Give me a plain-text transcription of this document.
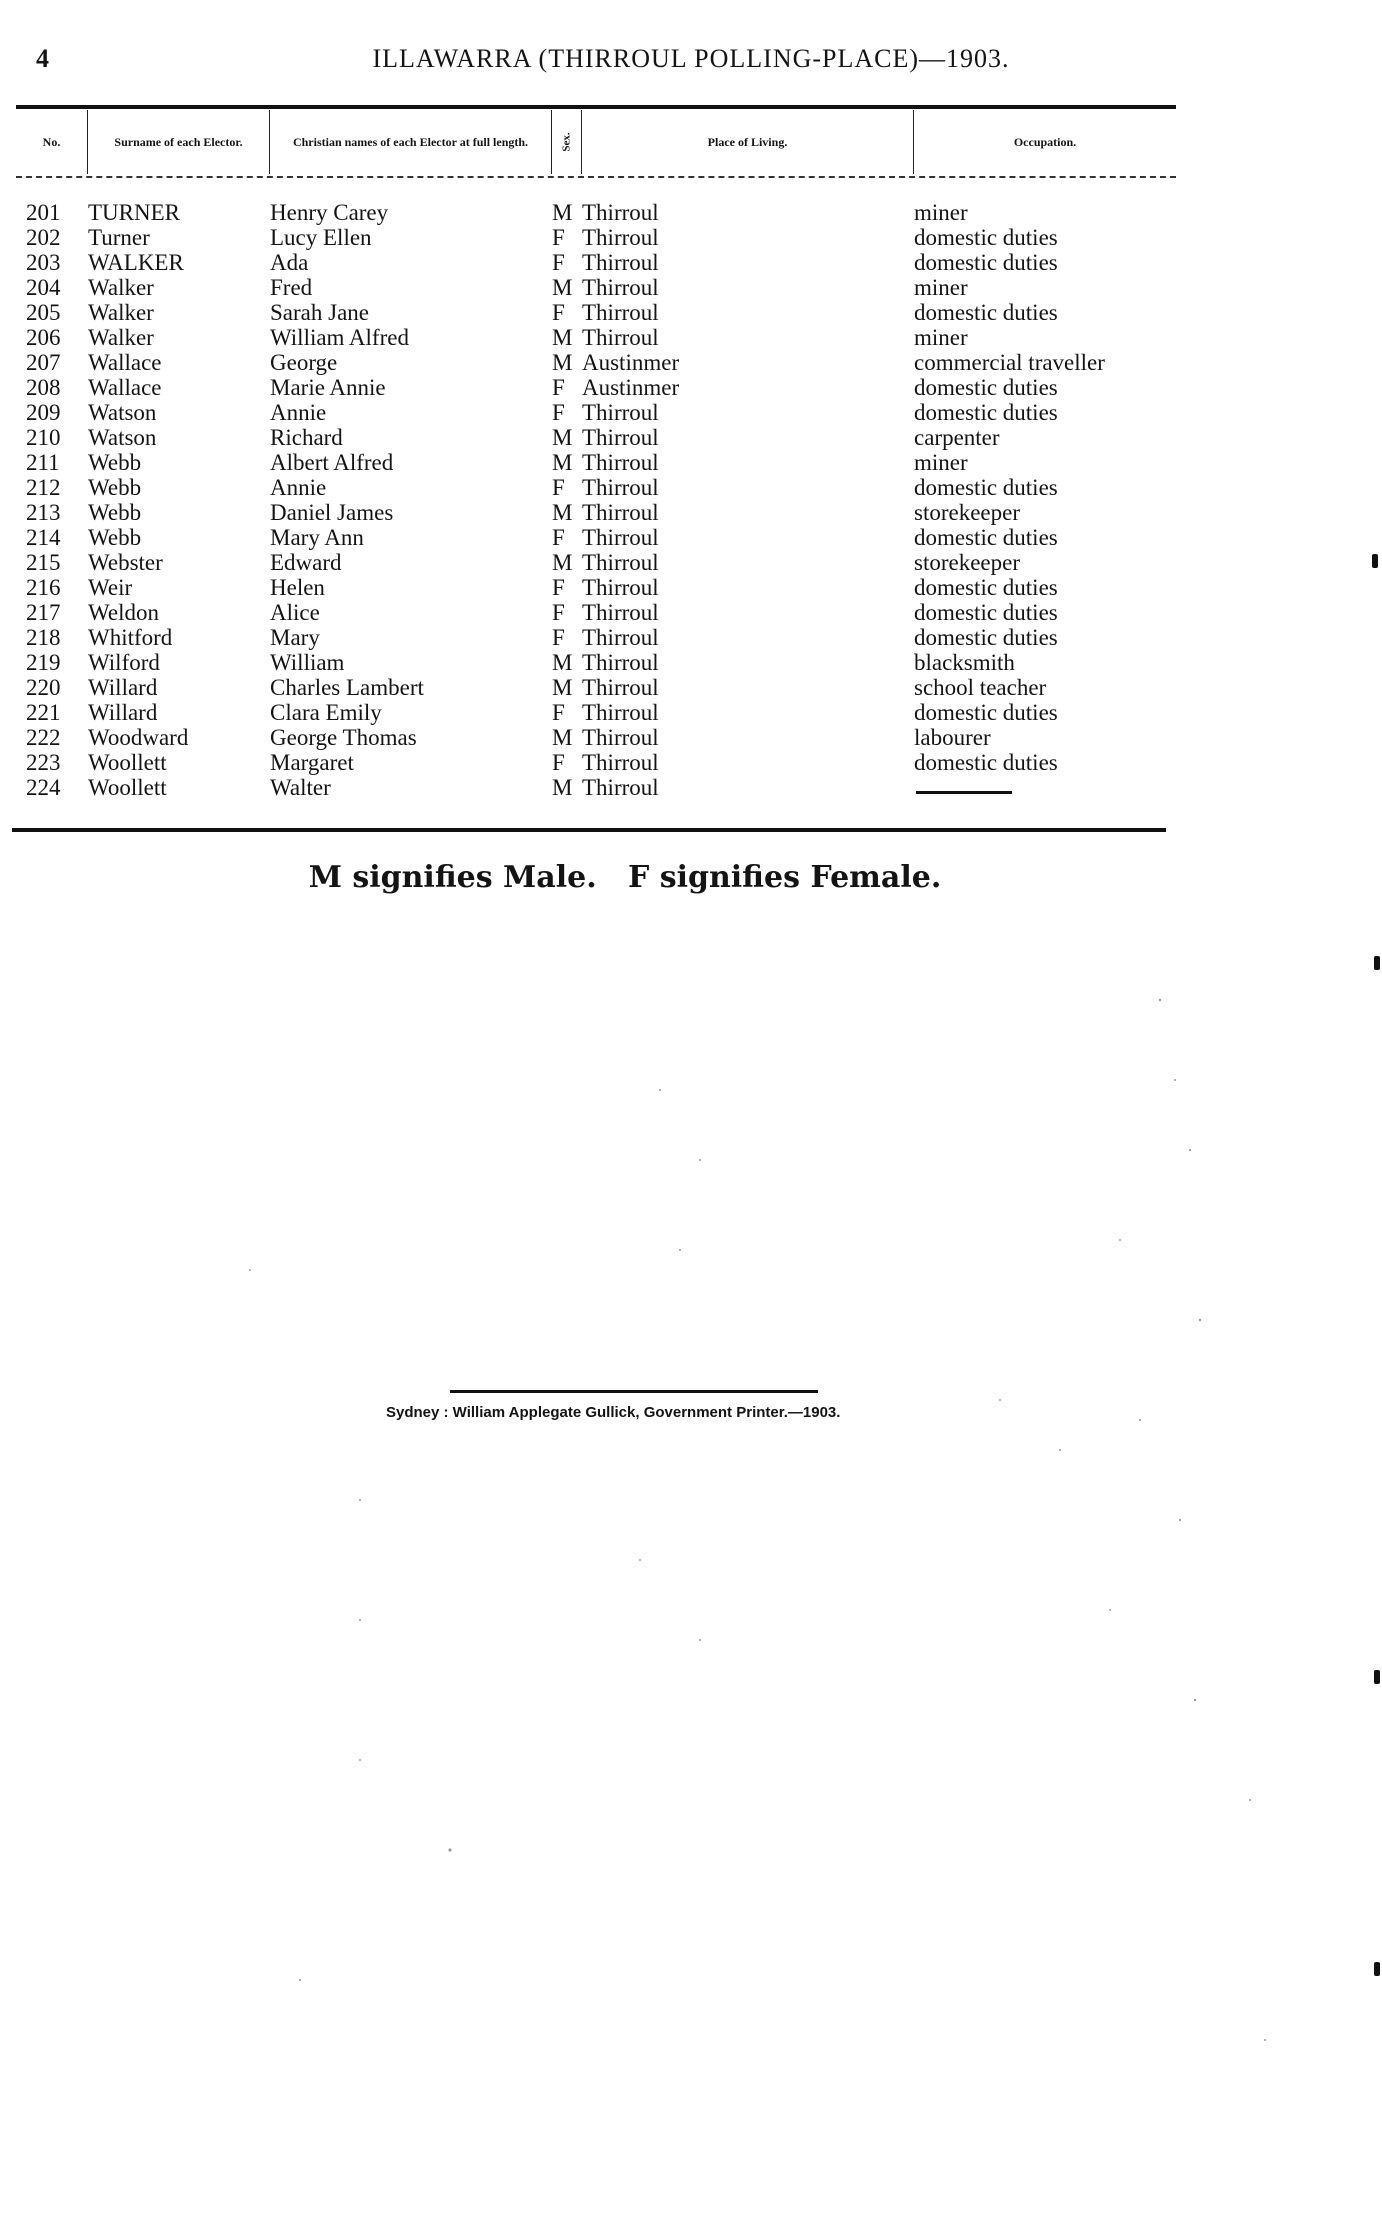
4	ILLAWARRA (THIRROUL POLLING-PLACE)—1903.
No.	Surname of each Elector.	Christian names of each Elector at full length.	Sex.	Place of Living.	Occupation.
201 TURNER	Henry Carey	M Thirroul	miner
202 Turner	Lucy Ellen	F Thirroul	domestic duties
203 WALKER	Ada	F Thirroul	domestic duties
204 Walker	Fred	M Thirroul	miner
205 Walker	Sarah Jane	F Thirroul	domestic duties
206 Walker	William Alfred	M Thirroul	miner
207 Wallace	George	M Austinmer	commercial traveller
208 Wallace	Marie Annie	F Austinmer	domestic duties
209 Watson	Annie	F Thirroul	domestic duties
210 Watson	Richard	M Thirroul	carpenter
211 Webb	Albert Alfred	M Thirroul	miner
212 Webb	Annie	F Thirroul	domestic duties
213 Webb	Daniel James	M Thirroul	storekeeper
214 Webb	Mary Ann	F Thirroul	domestic duties
215 Webster	Edward	M Thirroul	storekeeper
216 Weir	Helen	F Thirroul	domestic duties
217 Weldon	Alice	F Thirroul	domestic duties
218 Whitford	Mary	F Thirroul	domestic duties
219 Wilford	William	M Thirroul	blacksmith
220 Willard	Charles Lambert	M Thirroul	school teacher
221 Willard	Clara Emily	F Thirroul	domestic duties
222 Woodward	George Thomas	M Thirroul	labourer
223 Woollett	Margaret	F Thirroul	domestic duties
224 Woollett	Walter	M Thirroul
M signifies Male.   F signifies Female.
Sydney : William Applegate Gullick, Government Printer.—1903.
